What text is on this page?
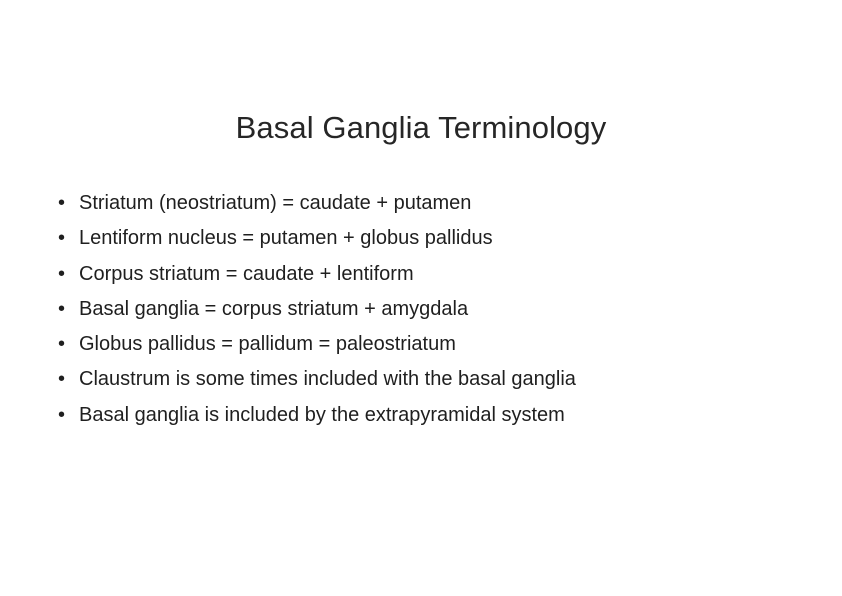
Basal Ganglia Terminology
• Striatum (neostriatum) = caudate + putamen
• Lentiform nucleus = putamen + globus pallidus
• Corpus striatum = caudate + lentiform
• Basal ganglia = corpus striatum + amygdala
• Globus pallidus = pallidum = paleostriatum
• Claustrum is some times included with the basal ganglia
• Basal ganglia is included by the extrapyramidal system
